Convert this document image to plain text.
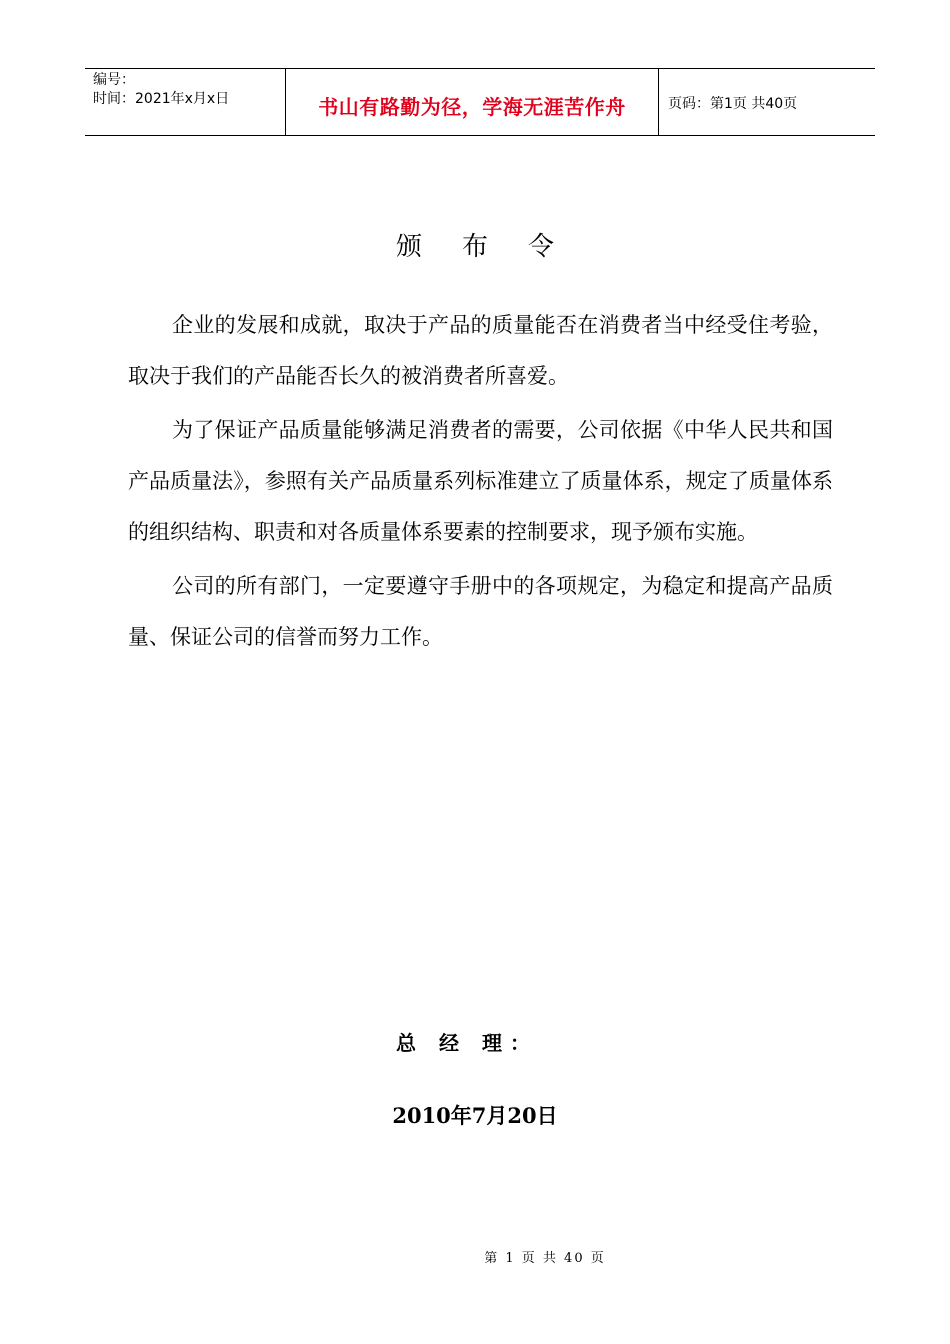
编号：
时间：2021年x月x日	书山有路勤为径，学海无涯苦作舟	页码：第1页 共40页
颁布令

企业的发展和成就，取决于产品的质量能否在消费者当中经受住考验，取决于我们的产品能否长久的被消费者所喜爱。

为了保证产品质量能够满足消费者的需要，公司依据《中华人民共和国产品质量法》，参照有关产品质量系列标准建立了质量体系，规定了质量体系的组织结构、职责和对各质量体系要素的控制要求，现予颁布实施。

公司的所有部门，一定要遵守手册中的各项规定，为稳定和提高产品质量、保证公司的信誉而努力工作。

总 经 理：
2010年7月20日
第 1 页 共 40 页
